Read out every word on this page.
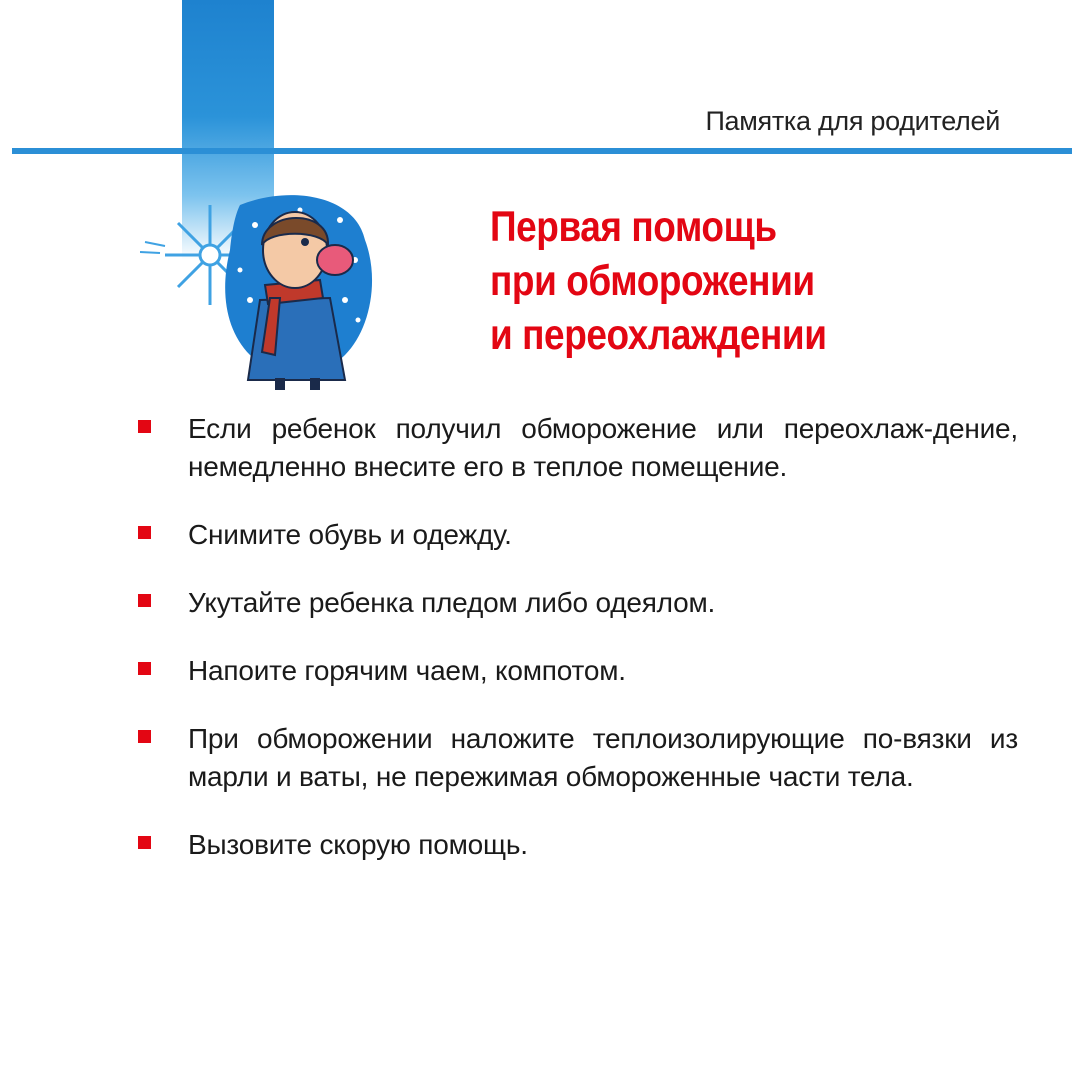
Памятка для родителей
Первая помощь
при обморожении
и переохлаждении
Если ребенок получил обморожение или переохлаж-дение, немедленно внесите его в теплое помещение.
Снимите обувь и одежду.
Укутайте ребенка пледом либо одеялом.
Напоите горячим чаем, компотом.
При обморожении наложите теплоизолирующие по-вязки из марли и ваты, не пережимая обмороженные части тела.
Вызовите скорую помощь.
